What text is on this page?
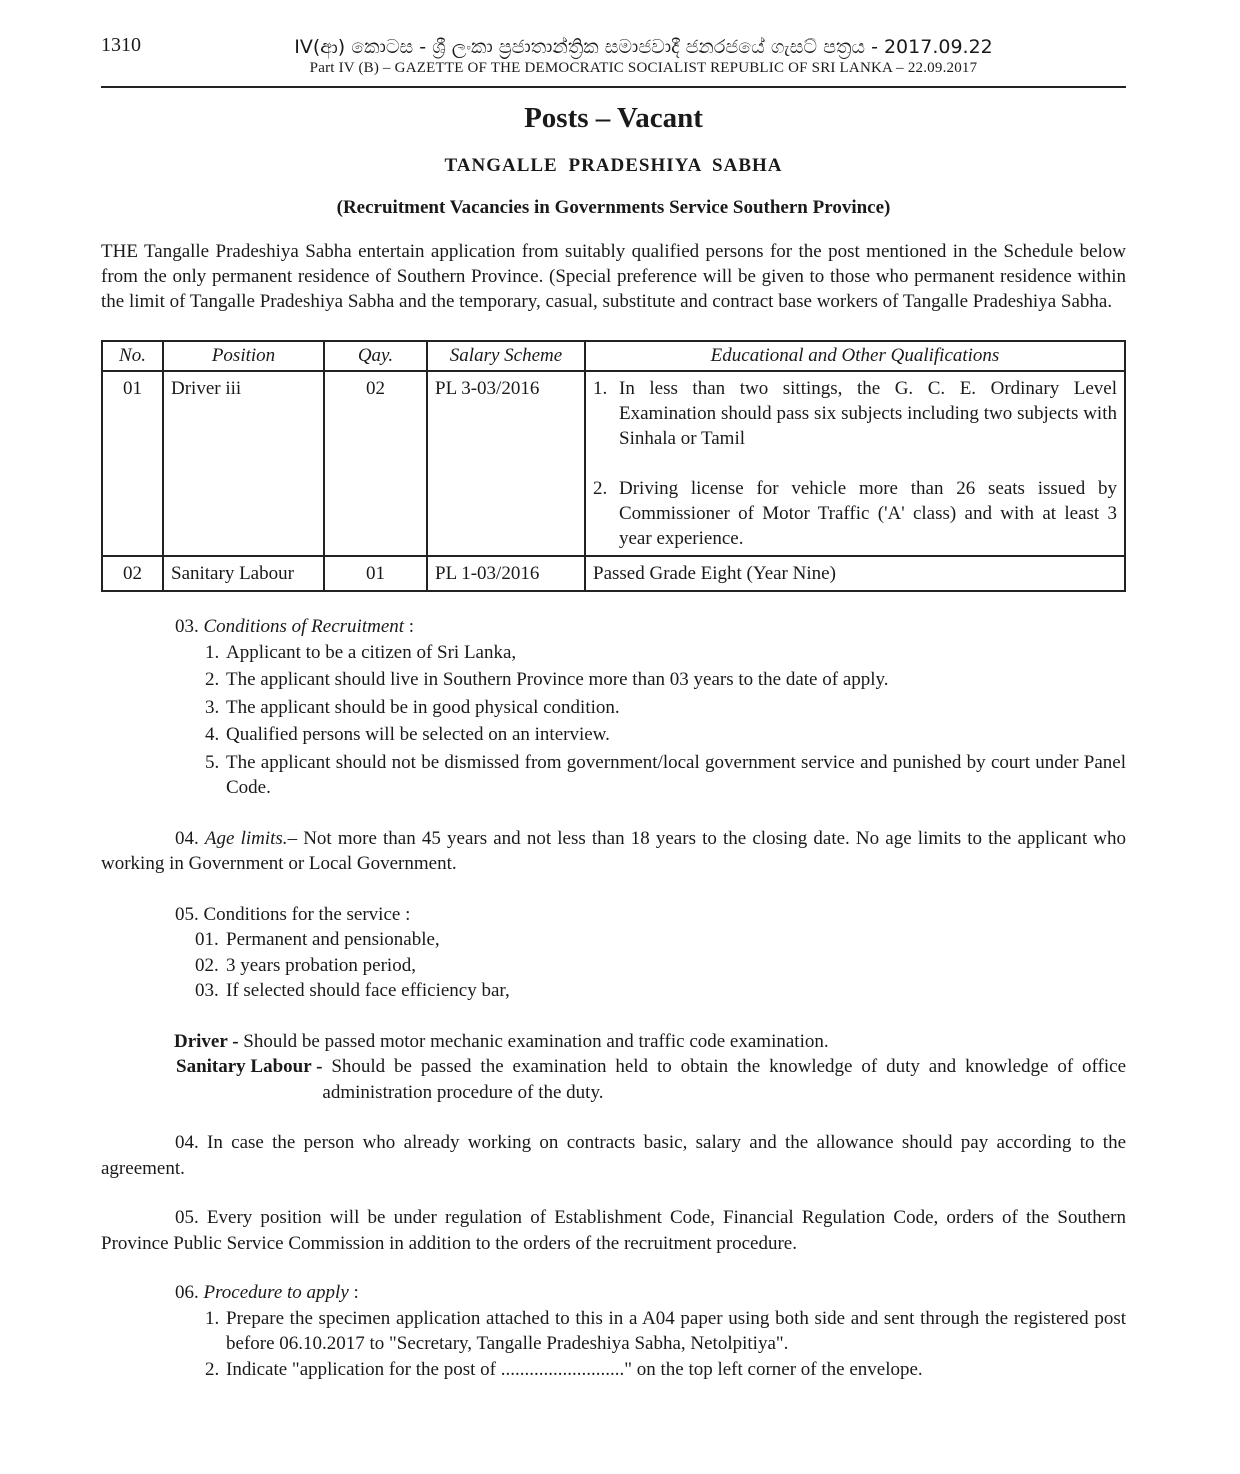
1310	IV(ආ) කොටස - ශ්‍රී ලංකා ප්‍රජාතාන්ත්‍රික සමාජවාදී ජනරජයේ ගැසට් පත්‍රය - 2017.09.22
Part IV (B) – GAZETTE OF THE DEMOCRATIC SOCIALIST REPUBLIC OF SRI LANKA – 22.09.2017
Posts – Vacant
TANGALLE PRADESHIYA SABHA
(Recruitment Vacancies in Governments Service Southern Province)
THE Tangalle Pradeshiya Sabha entertain application from suitably qualified persons for the post mentioned in the Schedule below from the only permanent residence of Southern Province. (Special preference will be given to those who permanent residence within the limit of Tangalle Pradeshiya Sabha and the temporary, casual, substitute and contract base workers of Tangalle Pradeshiya Sabha.
No.	Position	Qay.	Salary Scheme	Educational and Other Qualifications
01	Driver iii	02	PL 3-03/2016	1. In less than two sittings, the G. C. E. Ordinary Level Examination should pass six subjects including two subjects with Sinhala or Tamil
2. Driving license for vehicle more than 26 seats issued by Commissioner of Motor Traffic ('A' class) and with at least 3 year experience.

02	Sanitary Labour	01	PL 1-03/2016	Passed Grade Eight (Year Nine)
03. Conditions of Recruitment :
1. Applicant to be a citizen of Sri Lanka,
2. The applicant should live in Southern Province more than 03 years to the date of apply.
3. The applicant should be in good physical condition.
4. Qualified persons will be selected on an interview.
5. The applicant should not be dismissed from government/local government service and punished by court under Panel Code.
04. Age limits.– Not more than 45 years and not less than 18 years to the closing date. No age limits to the applicant who working in Government or Local Government.
05. Conditions for the service :
01. Permanent and pensionable,
02. 3 years probation period,
03. If selected should face efficiency bar,
Driver - Should be passed motor mechanic examination and traffic code examination.
Sanitary Labour - Should be passed the examination held to obtain the knowledge of duty and knowledge of office administration procedure of the duty.
04. In case the person who already working on contracts basic, salary and the allowance should pay according to the agreement.
05. Every position will be under regulation of Establishment Code, Financial Regulation Code, orders of the Southern Province Public Service Commission in addition to the orders of the recruitment procedure.
06. Procedure to apply :
1. Prepare the specimen application attached to this in a A04 paper using both side and sent through the registered post before 06.10.2017 to "Secretary, Tangalle Pradeshiya Sabha, Netolpitiya".
2. Indicate "application for the post of .........................." on the top left corner of the envelope.
